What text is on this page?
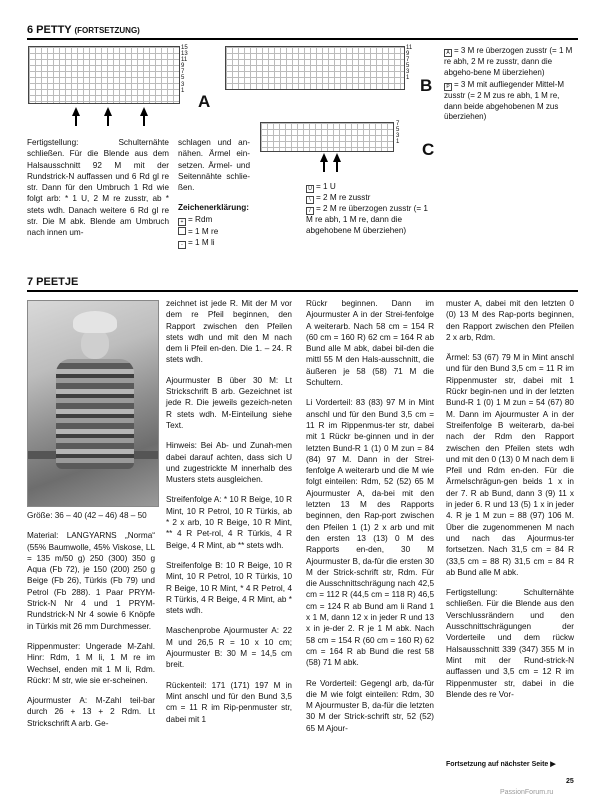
6 PETTY (FORTSETZUNG)
15
13
11
9
7
5
3
1
A
11
9
7
5
3
1 B
A = 3 M re überzogen zusstr (= 1 M re abh, 2 M re zusstr, dann die abgeho-bene M überziehen)
P = 3 M mit aufliegender Mittel-M zusstr (= 2 M zus re abh, 1 M re, dann beide abgehobenen M zus überziehen)
7
5
3
1 C

Fertigstellung: Schulternähte schließen. Für die Blende aus dem Halsausschnitt 92 M mit der Rundstrick-N auffassen und 6 Rd gl re str. Dann für den Umbruch 1 Rd wie folgt arb: * 1 U, 2 M re zusstr, ab * stets wdh. Danach weitere 6 Rd gl re str. Die M abk. Blende am Umbruch nach innen um-

schlagen und an-nähen. Ärmel ein-setzen. Ärmel- und Seitennähte schlie-ßen.

Zeichenerklärung:
+ = Rdm
= 1 M re
- = 1 M li
U = 1 U
\ = 2 M re zusstr
/ = 2 M re überzogen zusstr (= 1 M re abh, 1 M re, dann die abgehobene M überziehen)
7 PEETJE

Größe: 36 – 40 (42 – 46) 48 – 50

Material: LANGYARNS „Norma“ (55% Baumwolle, 45% Viskose, LL = 135 m/50 g) 250 (300) 350 g Aqua (Fb 72), je 150 (200) 250 g Beige (Fb 26), Türkis (Fb 79) und Petrol (Fb 288). 1 Paar PRYM-Strick-N Nr 4 und 1 PRYM-Rundstrick-N Nr 4 sowie 6 Knöpfe in Türkis mit 26 mm Durchmesser.

Rippenmuster: Ungerade M-Zahl. Hinr: Rdm, 1 M li, 1 M re im Wechsel, enden mit 1 M li, Rdm. Rückr: M str, wie sie er-scheinen.

Ajourmuster A: M-Zahl teil-bar durch 26 + 13 + 2 Rdm. Lt Strickschrift A arb. Ge-

zeichnet ist jede R. Mit der M vor dem re Pfeil beginnen, den Rapport zwischen den Pfeilen stets wdh und mit den M nach dem li Pfeil en-den. Die 1. – 24. R stets wdh.

Ajourmuster B über 30 M: Lt Strickschrift B arb. Gezeichnet ist jede R. Die jeweils gezeich-neten R stets wdh. M-Einteilung siehe Text.

Hinweis: Bei Ab- und Zunah-men dabei darauf achten, dass sich U und zugestrickte M innerhalb des Musters stets ausgleichen.

Streifenfolge A: * 10 R Beige, 10 R Mint, 10 R Petrol, 10 R Türkis, ab * 2 x arb, 10 R Beige, 10 R Mint, ** 4 R Pet-rol, 4 R Türkis, 4 R Beige, 4 R Mint, ab ** stets wdh.

Streifenfolge B: 10 R Beige, 10 R Mint, 10 R Petrol, 10 R Türkis, 10 R Beige, 10 R Mint, * 4 R Petrol, 4 R Türkis, 4 R Beige, 4 R Mint, ab * stets wdh.

Maschenprobe Ajourmuster A: 22 M und 26,5 R = 10 x 10 cm; Ajourmuster B: 30 M = 14,5 cm breit.

Rückenteil: 171 (171) 197 M in Mint anschl und für den Bund 3,5 cm = 11 R im Rip-penmuster str, dabei mit 1

Rückr beginnen. Dann im Ajourmuster A in der Strei-fenfolge A weiterarb. Nach 58 cm = 154 R (60 cm = 160 R) 62 cm = 164 R ab Bund alle M abk, dabei bil-den die mittl 55 M den Hals-ausschnitt, die äußeren je 58 (58) 71 M die Schultern.

Li Vorderteil: 83 (83) 97 M in Mint anschl und für den Bund 3,5 cm = 11 R im Rippenmus-ter str, dabei mit 1 Rückr be-ginnen und in der letzten Bund-R 1 (1) 0 M zun = 84 (84) 97 M. Dann in der Strei-fenfolge A weiterarb und die M wie folgt einteilen: Rdm, 52 (52) 65 M Ajourmuster A, da-bei mit den letzten 13 M des Rapports beginnen, den Rap-port zwischen den Pfeilen 1 (1) 2 x arb und mit den ersten 13 (13) 0 M des Rapports en-den, 30 M Ajourmuster B, da-für die ersten 30 M der Strick-schrift str, Rdm. Für die Ausschnittschrägung nach 42,5 cm = 112 R (44,5 cm = 118 R) 46,5 cm = 124 R ab Bund am li Rand 1 x 1 M, dann 12 x in jeder R und 13 x in je-der 2. R je 1 M abk. Nach 58 cm = 154 R (60 cm = 160 R) 62 cm = 164 R ab Bund die rest 58 (58) 71 M abk.

Re Vorderteil: Gegengl arb, da-für die M wie folgt einteilen: Rdm, 30 M Ajourmuster B, da-für die letzten 30 M der Strick-schrift str, 52 (52) 65 M Ajour-

muster A, dabei mit den letzten 0 (0) 13 M des Rap-ports beginnen, den Rapport zwischen den Pfeilen 2 x arb, Rdm.

Ärmel: 53 (67) 79 M in Mint anschl und für den Bund 3,5 cm = 11 R im Rippenmuster str, dabei mit 1 Rückr begin-nen und in der letzten Bund-R 1 (0) 1 M zun = 54 (67) 80 M. Dann im Ajourmuster A in der Streifenfolge B weiterarb, da-bei nach der Rdm den Rapport zwischen den Pfeilen stets wdh und mit den 0 (13) 0 M nach dem li Pfeil und Rdm en-den. Für die Ärmelschrägun-gen beids 1 x in der 7. R ab Bund, dann 3 (9) 11 x in jeder 6. R und 13 (5) 1 x in jeder 4. R je 1 M zun = 88 (97) 106 M. Über die zugenommenen M nach und nach das Ajourmus-ter fortsetzen. Nach 31,5 cm = 84 R (33,5 cm = 88 R) 31,5 cm = 84 R ab Bund alle M abk.

Fertigstellung: Schulternähte schließen. Für die Blende aus den Verschlussrändern und den Ausschnittschrägungen der Vorderteile und dem rückw Halsausschnitt 339 (347) 355 M in Mint mit der Rund-strick-N auffassen und 3,5 cm = 12 R im Rippenmuster str, dabei in die Blende des re Vor-

Fortsetzung auf nächster Seite ▶
25
PassionForum.ru
